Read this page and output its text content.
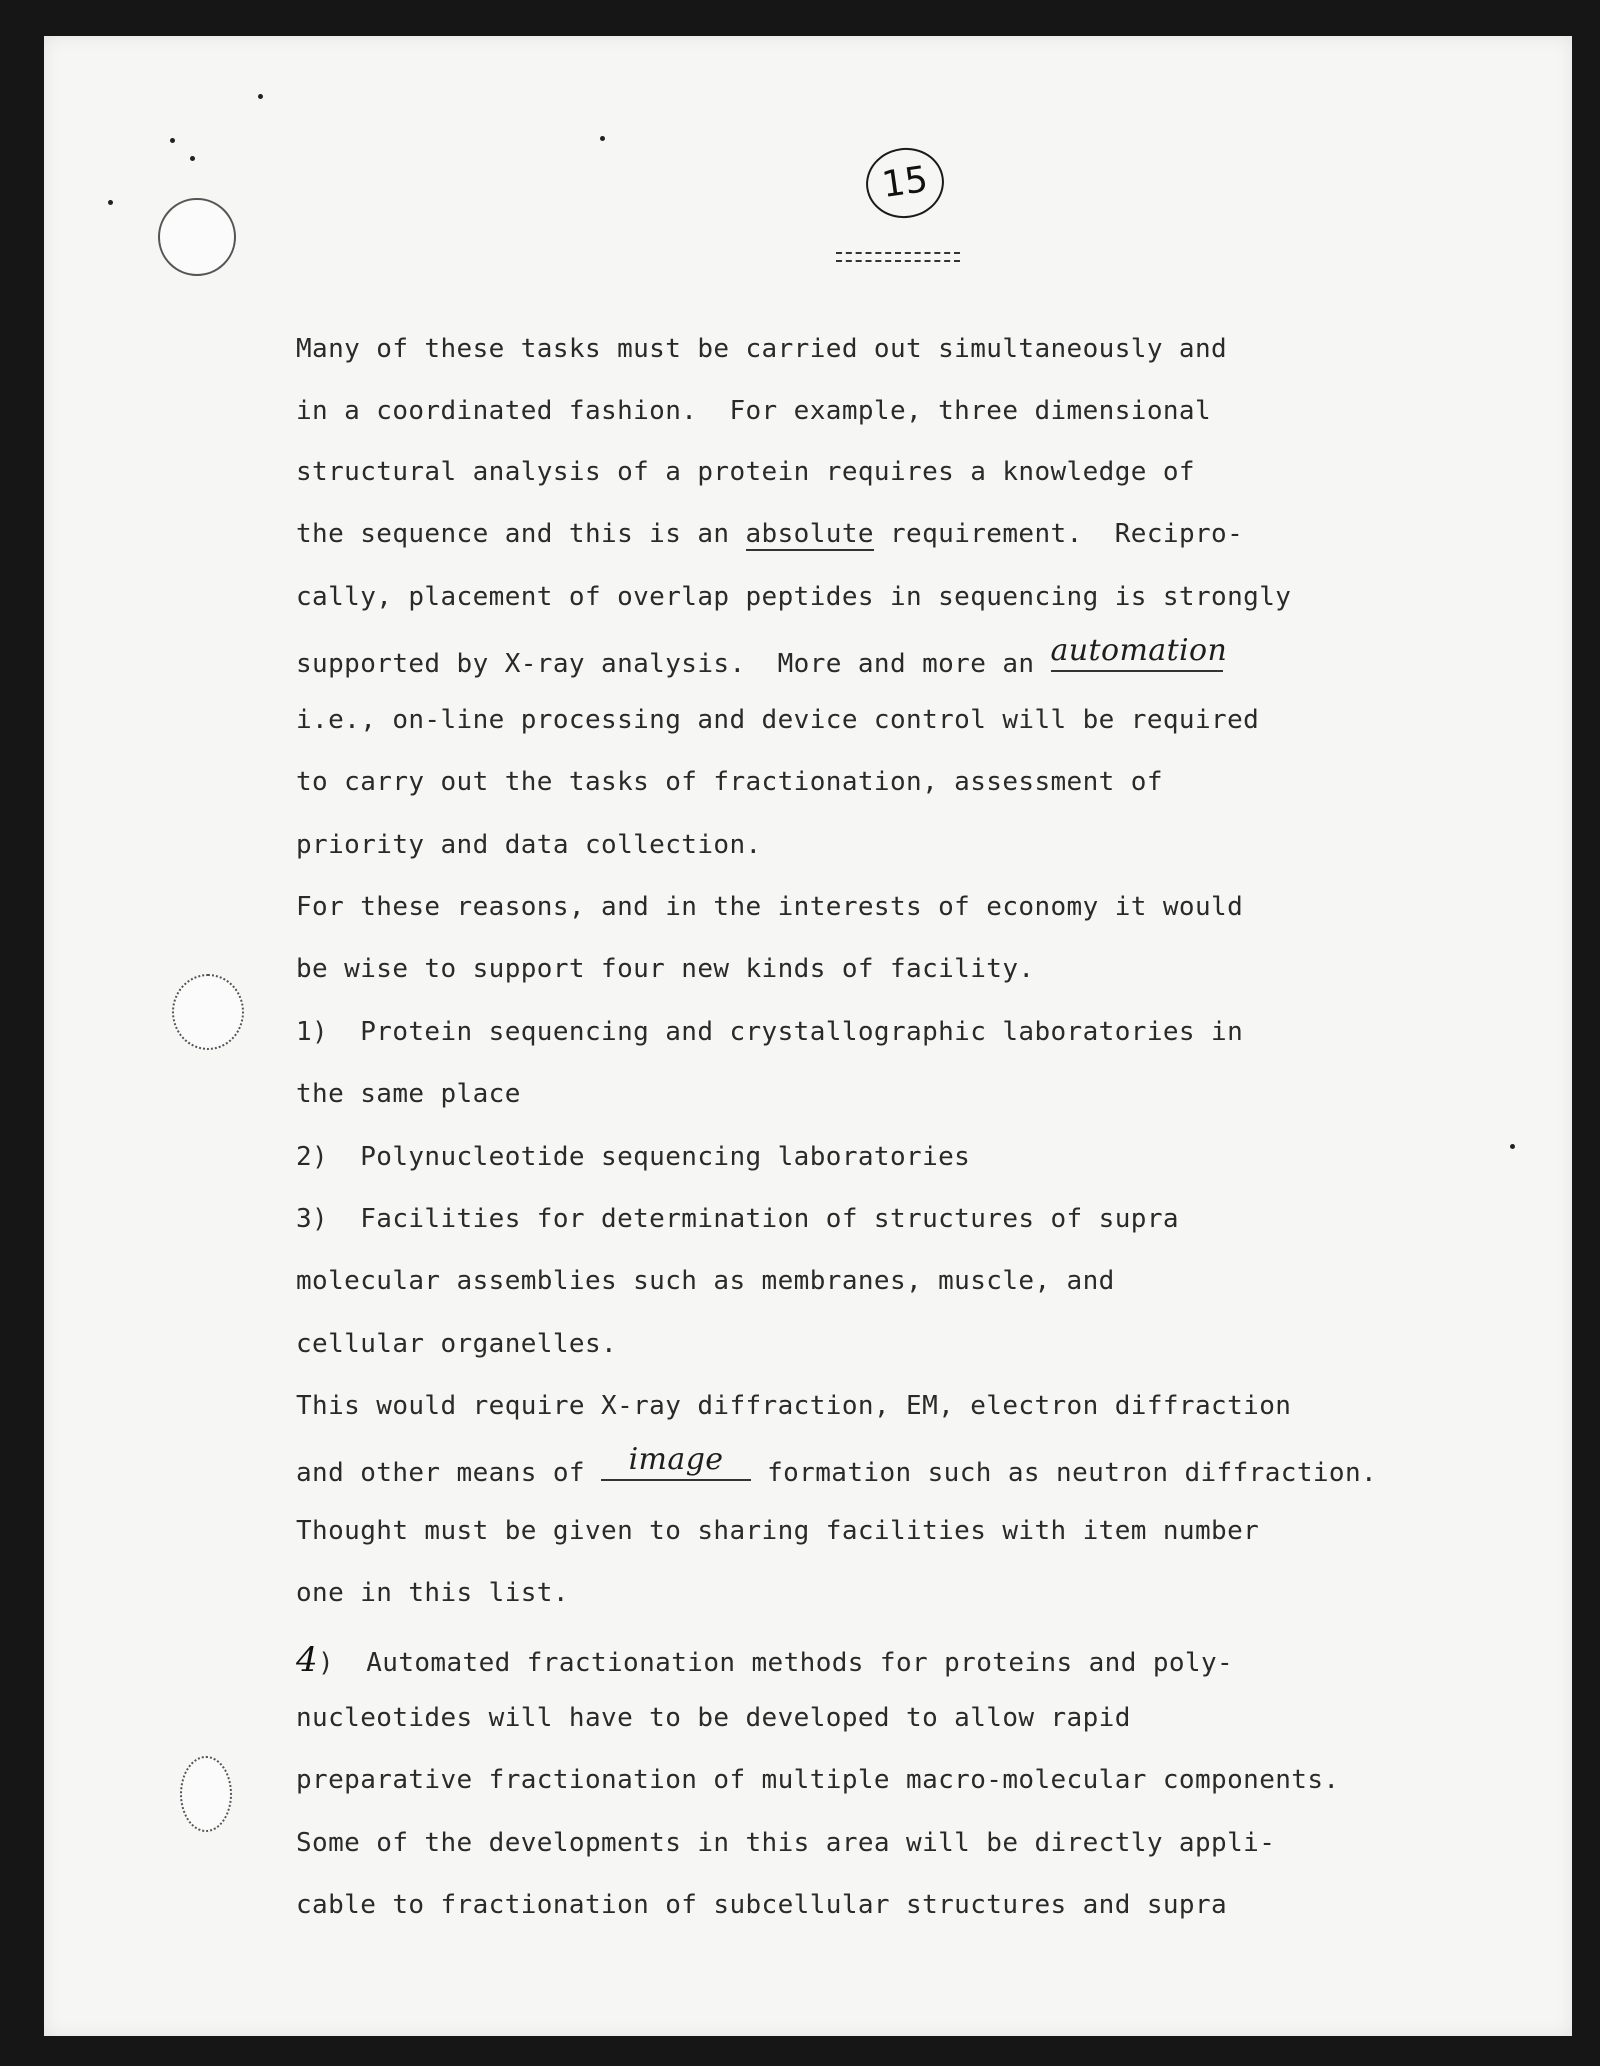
15
Many of these tasks must be carried out simultaneously and
in a coordinated fashion.  For example, three dimensional
structural analysis of a protein requires a knowledge of
the sequence and this is an absolute requirement.  Recipro-
cally, placement of overlap peptides in sequencing is strongly
supported by X-ray analysis.  More and more an automation
i.e., on-line processing and device control will be required
to carry out the tasks of fractionation, assessment of
priority and data collection.
For these reasons, and in the interests of economy it would
be wise to support four new kinds of facility.
1)  Protein sequencing and crystallographic laboratories in
the same place
2)  Polynucleotide sequencing laboratories
3)  Facilities for determination of structures of supra
molecular assemblies such as membranes, muscle, and
cellular organelles.
This would require X-ray diffraction, EM, electron diffraction
and other means of image	formation such as neutron diffraction.
Thought must be given to sharing facilities with item number
one in this list.
4)  Automated fractionation methods for proteins and poly-
nucleotides will have to be developed to allow rapid
preparative fractionation of multiple macro-molecular components.
Some of the developments in this area will be directly appli-
cable to fractionation of subcellular structures and supra
